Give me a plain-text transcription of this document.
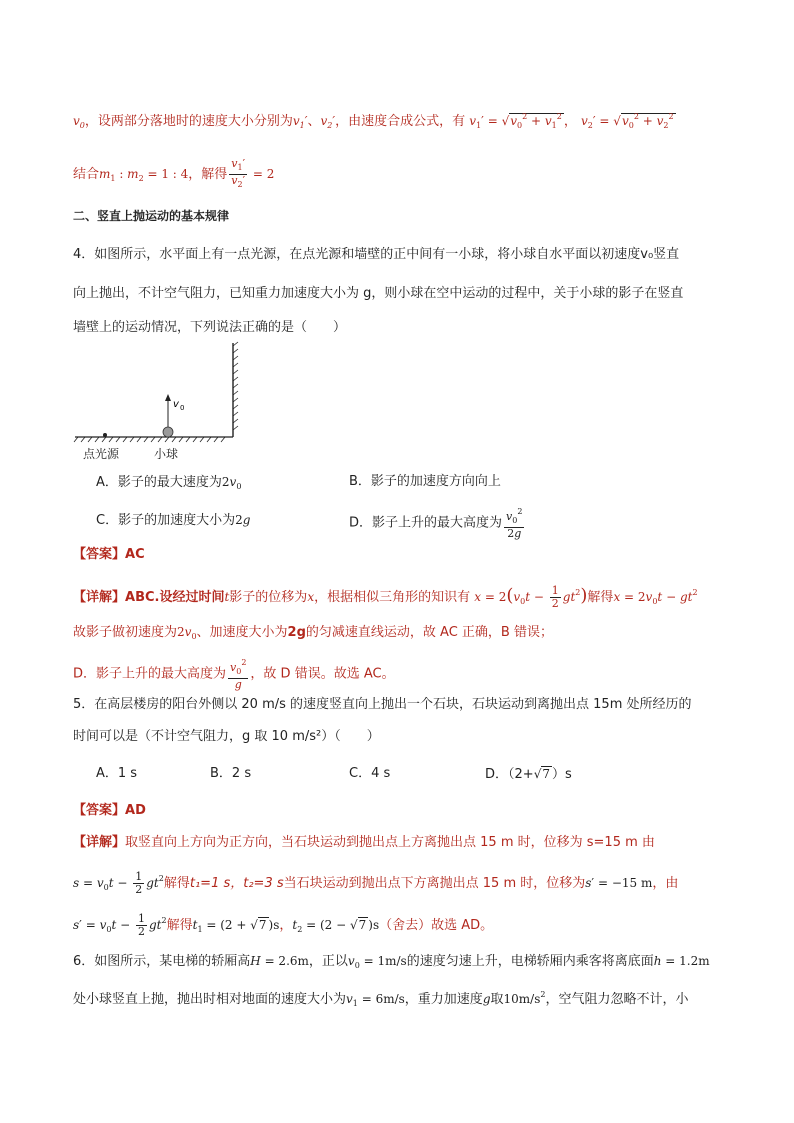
$v_0$，设两部分落地时的速度大小分别为$v_1'$、$v_2'$，由速度合成公式，有 $v_1' = √v_0^2 + v_1^2$ ， $v_2' = √v_0^2 + v_2^2$
结合$m_1$ : $m_2 = 1$ : 4，解得 $\frac{v_1'}{v_2'} = 2$
二、竖直上抛运动的基本规律
4．如图所示，水平面上有一点光源，在点光源和墙壁的正中间有一小球，将小球自水平面以初速度v₀竖直
向上抛出，不计空气阻力，已知重力加速度大小为 g，则小球在空中运动的过程中，关于小球的影子在竖直
墙壁上的运动情况，下列说法正确的是（　　）
v 0
点光源	小球
A．影子的最大速度为$2v_0$	B．影子的加速度方向向上
C．影子的加速度大小为2g	D．影子上升的最大高度为 $\frac{v_0^2}{2g}$
【答案】AC
【详解】ABC.设经过时间t影子的位移为x，根据相似三角形的知识有 $x = 2(v_0t - \frac{1}{2} gt^2)$解得$x = 2v_0t - gt^2$
故影子做初速度为$2v_0$、加速度大小为2g的匀减速直线运动，故 AC 正确，B 错误；
D．影子上升的最大高度为 $\frac{v_0^2}{g}$ ，故 D 错误。故选 AC。
5．在高层楼房的阳台外侧以 20 m/s 的速度竖直向上抛出一个石块，石块运动到离抛出点 15m 处所经历的
时间可以是（不计空气阻力，g 取 10 m/s²）（　　）
A．1 s	B．2 s	C．4 s	D．（2+√7 ）s
【答案】AD
【详解】取竖直向上方向为正方向，当石块运动到抛出点上方离抛出点 15 m 时，位移为 s=15 m 由
$s = v_0t - \frac{1}{2} gt^2$解得t₁=1 s，t₂=3 s当石块运动到抛出点下方离抛出点 15 m 时，位移为s′ = −15 m，由
$s' = v_0t - \frac{1}{2} gt^2$解得$t_1 = (2 + √7$ )s，$t_2 = (2 - √7$ )s（舍去）故选 AD。
6．如图所示，某电梯的轿厢高H = 2.6m，正以$v_0 = 1m/s$的速度匀速上升，电梯轿厢内乘客将离底面h = 1.2m
处小球竖直上抛，抛出时相对地面的速度大小为$v_1 = 6m/s$，重力加速度g取$10m/s^2$，空气阻力忽略不计，小
